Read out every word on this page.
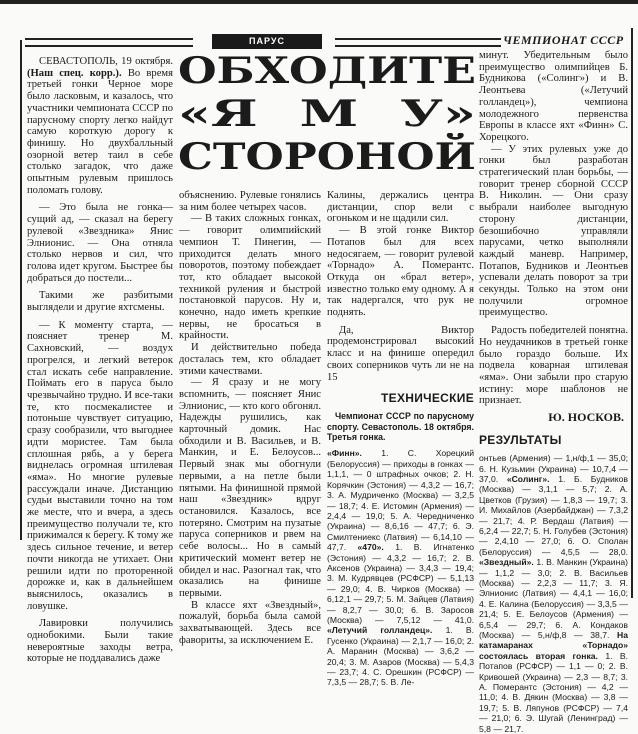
ПАРУС	ЧЕМПИОНАТ СССР
ОБХОДИТЕ
«Я М У»
СТОРОНОЙ

СЕВАСТОПОЛЬ, 19 октября. (Наш спец. корр.). Во время третьей гонки Черное море было ласковым, и казалось, что участники чемпионата СССР по парусному спорту легко найдут самую короткую дорогу к финишу. Но двухбалльный озорной ветер таил в себе столько загадок, что даже опытным рулевым пришлось поломать голову.

— Это была не гонка—сущий ад, — сказал на берегу рулевой «Звездника» Янис Элнионис. — Она отняла столько нервов и сил, что голова идет кругом. Быстрее бы добраться до постели...

Такими же разбитыми выглядели и другие яхтсмены.

— К моменту старта, — поясняет тренер М. Сахновский, — воздух прогрелся, и легкий ветерок стал искать себе направление. Поймать его в паруса было чрезвычайно трудно. И все-таки те, кто посмекалистее и потоньше чувствует ситуацию, сразу сообразили, что выгоднее идти мористее. Там была сплошная рябь, а у берега виднелась огромная штилевая «яма». Но многие рулевые рассуждали иначе. Дистанцию судьи выставили точно на том же месте, что и вчера, а здесь преимущество получали те, кто прижимался к берегу. К тому же здесь сильное течение, и ветер почти никогда не утихает. Они решили идти по проторенной дорожке и, как в дальнейшем выяснилось, оказались в ловушке.

Лавировки получились однобокими. Были такие невероятные заходы ветра, которые не поддавались даже

объяснению. Рулевые гонялись за ним более четырех часов.

— В таких сложных гонках, — говорит олимпийский чемпион Т. Пинегин, — приходится делать много поворотов, поэтому побеждает тот, кто обладает высокой техникой руления и быстрой постановкой парусов. Ну и, конечно, надо иметь крепкие нервы, не бросаться в крайности.

И действительно победа досталась тем, кто обладает этими качествами.

— Я сразу и не могу вспомнить, — поясняет Янис Элнионис, — кто кого обгонял. Надежды рушились, как карточный домик. Нас обходили и В. Васильев, и В. Манкин, и Е. Белоусов... Первый знак мы обогнули первыми, а на петле были пятыми. На финишной прямой наш «Звездник» вдруг остановился. Казалось, все потеряно. Смотрим на пузатые паруса соперников и рвем на себе волосы... Но в самый критический момент ветер не обидел и нас. Разогнал так, что оказались на финише первыми.

В классе яхт «Звездный», пожалуй, борьба была самой захватывающей. Здесь все фавориты, за исключением Е.

Калины, держались центра дистанции, спор вели с огоньком и не щадили сил.

— В этой гонке Виктор Потапов был для всех недосягаем, — говорит рулевой «Торнадо» А. Померантс. Откуда он «брал ветер», известно только ему одному. А я так надергался, что рук не поднять.

Да, Виктор продемонстрировал высокий класс и на финише опередил своих соперников чуть ли не на 15

ТЕХНИЧЕСКИЕ
Чемпионат СССР по парусному спорту. Севастополь. 18 октября. Третья гонка.
«Финн». 1. С. Хорецкий (Белоруссия) — приходы в гонках — 1,1,1, — 0 штрафных очков; 2. Н. Корячкин (Эстония) — 4,3,2 — 16,7; 3. А. Мудриченко (Москва) — 3,2,5 — 18,7; 4. Е. Истомин (Армения) — 2,4,4 — 19,0; 5. А. Чередниченко (Украина) — 8,6,16 — 47,7; 6. Э. Смилтениекс (Латвия) — 6,14,10 — 47,7. «470». 1. В. Игнатенко (Эстония) — 4,3,2 — 16,7; 2. В. Аксенов (Украина) — 3,4,3 — 19,4; 3. М. Кудрявцев (РСФСР) — 5,1,13 — 29,0; 4. В. Чирков (Москва) — 6,12,1 — 29,7; 5. М. Зайцев (Латвия) — 8,2,7 — 30,0; 6. В. Заросов (Москва) — 7,5,12 — 41,0. «Летучий голландец». 1. В. Гусенко (Украина) — 2,1,7 — 16,0; 2. А. Маранин (Москва) — 3,6,2 — 20,4; 3. М. Азаров (Москва) — 5,4,3 — 23,7; 4. С. Орешкин (РСФСР) — 7,3,5 — 28,7; 5. В. Ле-

минут. Убедительным было преимущество олимпийцев Б. Будникова («Солинг») и В. Леонтьева («Летучий голландец»), чемпиона молодежного первенства Европы в классе яхт «Финн» С. Хорецкого.

— У этих рулевых уже до гонки был разработан стратегический план борьбы, — говорит тренер сборной СССР В. Николин. — Они сразу выбрали наиболее выгодную сторону дистанции, безошибочно управляли парусами, четко выполняли каждый маневр. Например, Потапов, Будников и Леонтьев успевали делать поворот за три секунды. Только на этом они получили огромное преимущество.

Радость победителей понятна. Но неудачников в третьей гонке было гораздо больше. Их подвела коварная штилевая «яма». Они забыли про старую истину: море шаблонов не признает.

Ю. НОСКОВ.
РЕЗУЛЬТАТЫ
онтьев (Армения) — 1,н/ф,1 — 35,0; 6. Н. Кузьмин (Украина) — 10,7,4 — 37,0. «Солинг». 1. Б. Будников (Москва) — 3,1,1 — 5,7; 2. А. Цветков (Грузия) — 1,8,3 — 19,7; 3. И. Михайлов (Азербайджан) — 7,3,2 — 21,7; 4. Р. Вердаш (Латвия) — 6,2,4 — 22,7; 5. Н. Голубев (Эстония) — 2,4,10 — 27,0; 6. О. Сполан (Белоруссия) — 4,5,5 — 28,0. «Звездный». 1. В. Манкин (Украина) — 1,1,2 — 3,0; 2. В. Васильев (Москва) — 2,2,3 — 11,7; 3. Я. Элнионис (Латвия) — 4,4,1 — 16,0; 4. Е. Калина (Белоруссия) — 3,3,5 — 21,4; 5. Е. Белоусов (Армения) — 6,5,4 — 29,7; 6. А. Кондаков (Москва) — 5,н/ф,8 — 38,7. На катамаранах «Торнадо» состоялась вторая гонка. 1. В. Потапов (РСФСР) — 1,1 — 0; 2. В. Кривошей (Украина) — 2,3 — 8,7; 3. А. Померантс (Эстония) — 4,2 — 11,0; 4. В. Дякин (Москва) — 3,8 — 19,7; 5. В. Ляпунов (РСФСР) — 7,4 — 21,0; 6. Э. Шугай (Ленинград) — 5,8 — 21,7.
